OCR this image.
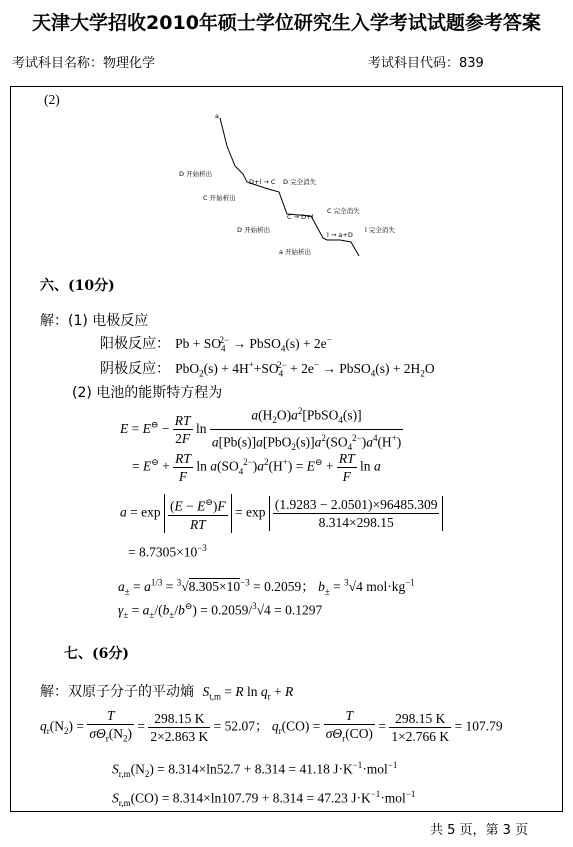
天津大学招收2010年硕士学位研究生入学考试试题参考答案
考试科目名称：物理化学	考试科目代码：839
(2)
a
D 开始析出
C 开始析出
D+l → C D 完全消失
C → D+l
C 完全消失
D 开始析出
l → a+D
l 完全消失
a 开始析出
六、(10分)
解：(1) 电极反应
阳极反应： $Pb + SO_4^{2-}$ → PbSO$_4$(s) + 2e−
阴极反应： $PbO_2(s) + 4H^++SO_4^{2-} + 2e^-$ → PbSO$_4$(s) + $2H_2O$
(2) 电池的能斯特方程为
$E = E^⊖ - \frac{RT}{2F}$ $\ln \frac{a(H_2O)a^2[PbSO_4(s)]}{a[Pb(s)]a[PbO_2(s)]a^2(SO_4^{2-})a^4(H^+)}$
= $E^⊖ + \frac{RT}{F}$ $\ln a(SO_4^{2-})a^2(H^+) = E^⊖ + \frac{RT}{F}$ ln a
$a = \exp \frac{(E - E^⊖)F}{RT} = \exp \frac{(1.9283 - 2.0501)\times 96485.309}{8.314\times 298.15}$
= $8.7305\times 10^{-3}$
$a_\pm = a^{1/3} = ^3√8.305\times 10^{-3} = 0.2059$； $b_\pm = ^3√4$ $mol\cdot kg^{-1}$
$\gamma_\pm = a_\pm/(b_\pm/b^⊖) = 0.2059/^3√4 = 0.1297$
七、(6分)
解：双原子分子的平动熵 $S_{t,m} = R$ $\ln q_r + R$
$q_r(N_2) = \frac{T}{\sigma\Theta_r(N_2)} = \frac{298.15 K}{2\times 2.863 K} = 52.07$； $q_r(CO) = \frac{T}{\sigma\Theta_r(CO)} = \frac{298.15 K}{1\times 2.766 K} = 107.79$
$S_{r,m}(N_2) = 8.314\times\ln 52.7 + 8.314 = 41.18$ $J\cdot K^{-1}\cdot mol^{-1}$
$S_{r,m}(CO) = 8.314\times\ln 107.79 + 8.314 = 47.23$ $J\cdot K^{-1}\cdot mol^{-1}$
共 5 页，第 3 页
